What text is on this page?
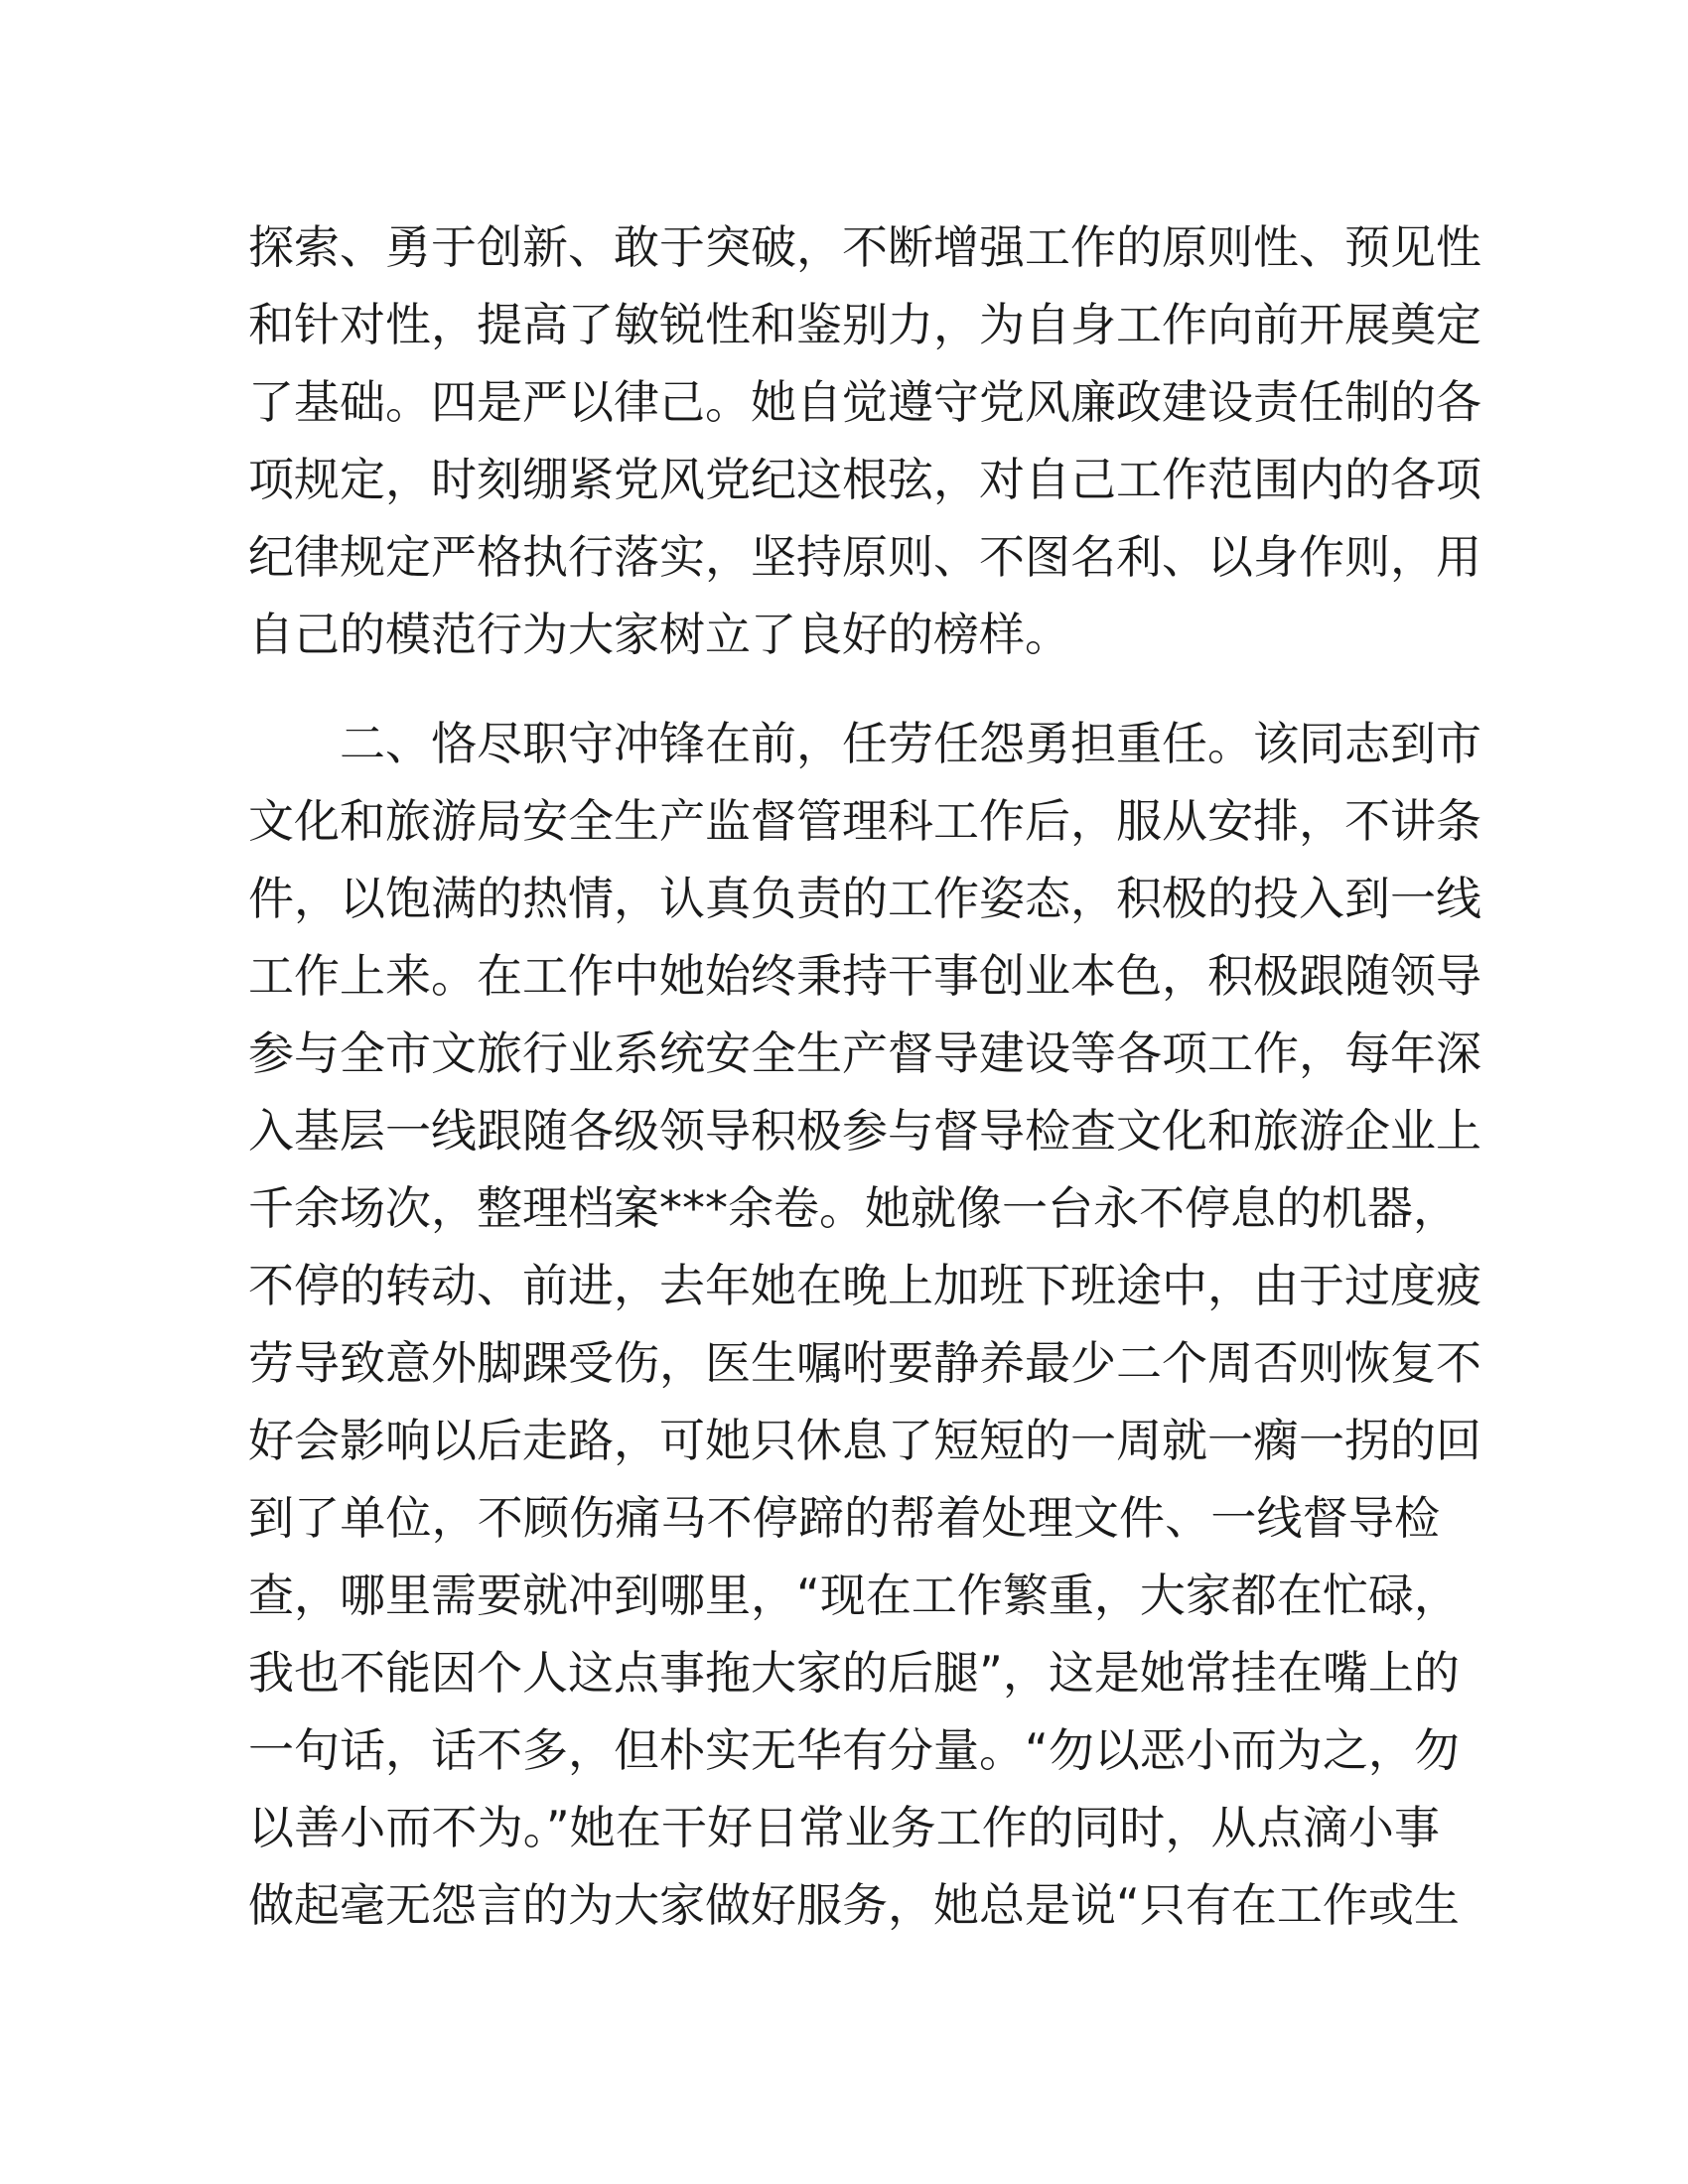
探索、勇于创新、敢于突破，不断增强工作的原则性、预见性
和针对性，提高了敏锐性和鉴别力，为自身工作向前开展奠定
了基础。四是严以律己。她自觉遵守党风廉政建设责任制的各
项规定，时刻绷紧党风党纪这根弦，对自己工作范围内的各项
纪律规定严格执行落实，坚持原则、不图名利、以身作则，用
自己的模范行为大家树立了良好的榜样。
二、恪尽职守冲锋在前，任劳任怨勇担重任。该同志到市
文化和旅游局安全生产监督管理科工作后，服从安排，不讲条
件，以饱满的热情，认真负责的工作姿态，积极的投入到一线
工作上来。在工作中她始终秉持干事创业本色，积极跟随领导
参与全市文旅行业系统安全生产督导建设等各项工作，每年深
入基层一线跟随各级领导积极参与督导检查文化和旅游企业上
千余场次，整理档案***余卷。她就像一台永不停息的机器，
不停的转动、前进，去年她在晚上加班下班途中，由于过度疲
劳导致意外脚踝受伤，医生嘱咐要静养最少二个周否则恢复不
好会影响以后走路，可她只休息了短短的一周就一瘸一拐的回
到了单位，不顾伤痛马不停蹄的帮着处理文件、一线督导检
查，哪里需要就冲到哪里，“现在工作繁重，大家都在忙碌，
我也不能因个人这点事拖大家的后腿”，这是她常挂在嘴上的
一句话，话不多，但朴实无华有分量。“勿以恶小而为之，勿
以善小而不为。”她在干好日常业务工作的同时，从点滴小事
做起毫无怨言的为大家做好服务，她总是说“只有在工作或生
